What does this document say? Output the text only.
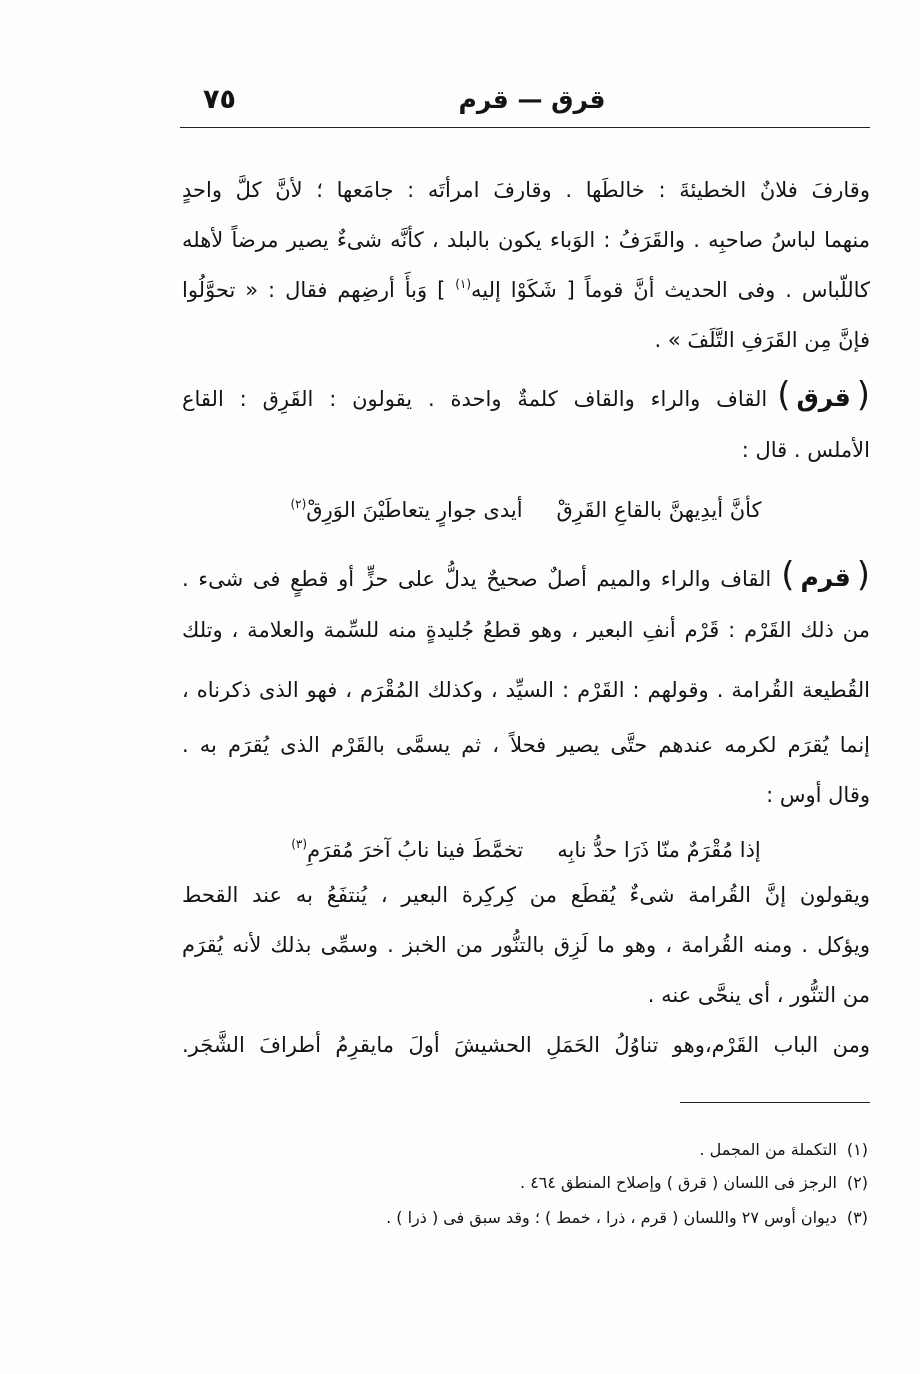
٧٥	قرق — قرم
وقارفَ فلانٌ الخطيئةَ : خالطَها . وقارفَ امرأتَه : جامَعها ؛ لأنَّ كلَّ واحدٍ
منهما لباسُ صاحبِه . والقَرَفُ : الوَباء يكون بالبلد ، كأنَّه شىءٌ يصير مرضاً لأهله
كاللّباس . وفى الحديث أنَّ قوماً [ شَكَوْا إليه$^{(١)}$ ] وَبأَ أرضِهم فقال : « تحوَّلُوا
فإنَّ مِن القَرَفِ التَّلَفَ » .
( قرق )القاف والراء والقاف كلمةٌ واحدة . يقولون : القَرِق : القاع
الأملس . قال :
كأنَّ أيدِيهنَّ بالقاعِ القَرِقْ
أيدى جوارٍ يتعاطَيْنَ الوَرِقْ$^{(٢)}$
( قرم )القاف والراء والميم أصلٌ صحيحٌ يدلُّ على حزٍّ أو قطعٍ فى شىء .
من ذلك القَرْم : قَرْم أنفِ البعير ، وهو قطعُ جُليدةٍ منه للسِّمة والعلامة ، وتلك
القُطيعة القُرامة . وقولهم : القَرْم : السيِّد ، وكذلك المُقْرَم ، فهو الذى ذكرناه ،
إنما يُقرَم لكرمه عندهم حتَّى يصير فحلاً ، ثم يسمَّى بالقَرْم الذى يُقرَم به .
وقال أوس :
إذا مُقْرَمٌ منّا ذَرَا حدُّ نابِه
تخمَّطَ فينا نابُ آخرَ مُقرَمِ$^{(٣)}$
ويقولون إنَّ القُرامة شىءٌ يُقطَع من كِركِرة البعير ، يُنتفَعُ به عند القحط
ويؤكل . ومنه القُرامة ، وهو ما لَزِق بالتنُّور من الخبز . وسمِّى بذلك لأنه يُقرَم
من التنُّور ، أى ينحَّى عنه .
ومن الباب القَرْم،وهو تناوُلُ الحَمَلِ الحشيشَ أولَ مايقرِمُ أطرافَ الشَّجَر.
(١)التكملة من المجمل .
(٢)الرجز فى اللسان ( قرق ) وإصلاح المنطق ٤٦٤ .
(٣)ديوان أوس ٢٧ واللسان ( قرم ، ذرا ، خمط ) ؛ وقد سبق فى ( ذرا ) .
